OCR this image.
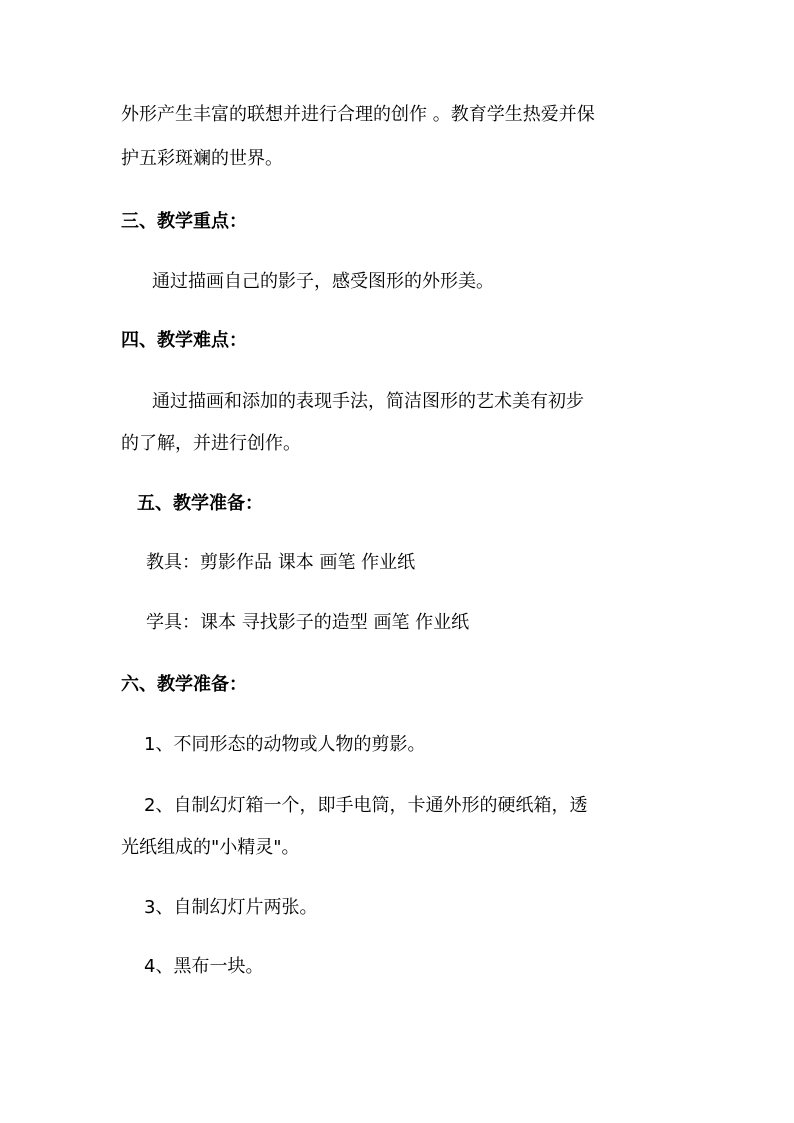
外形产生丰富的联想并进行合理的创作 。教育学生热爱并保

护五彩斑斓的世界。

三、教学重点：

通过描画自己的影子，感受图形的外形美。

四、教学难点：

通过描画和添加的表现手法，简洁图形的艺术美有初步

的了解，并进行创作。

五、教学准备：

教具：剪影作品 课本 画笔 作业纸

学具：课本 寻找影子的造型 画笔 作业纸

六、教学准备：

1、不同形态的动物或人物的剪影。

2、自制幻灯箱一个，即手电筒，卡通外形的硬纸箱，透

光纸组成的"小精灵"。

3、自制幻灯片两张。

4、黑布一块。
